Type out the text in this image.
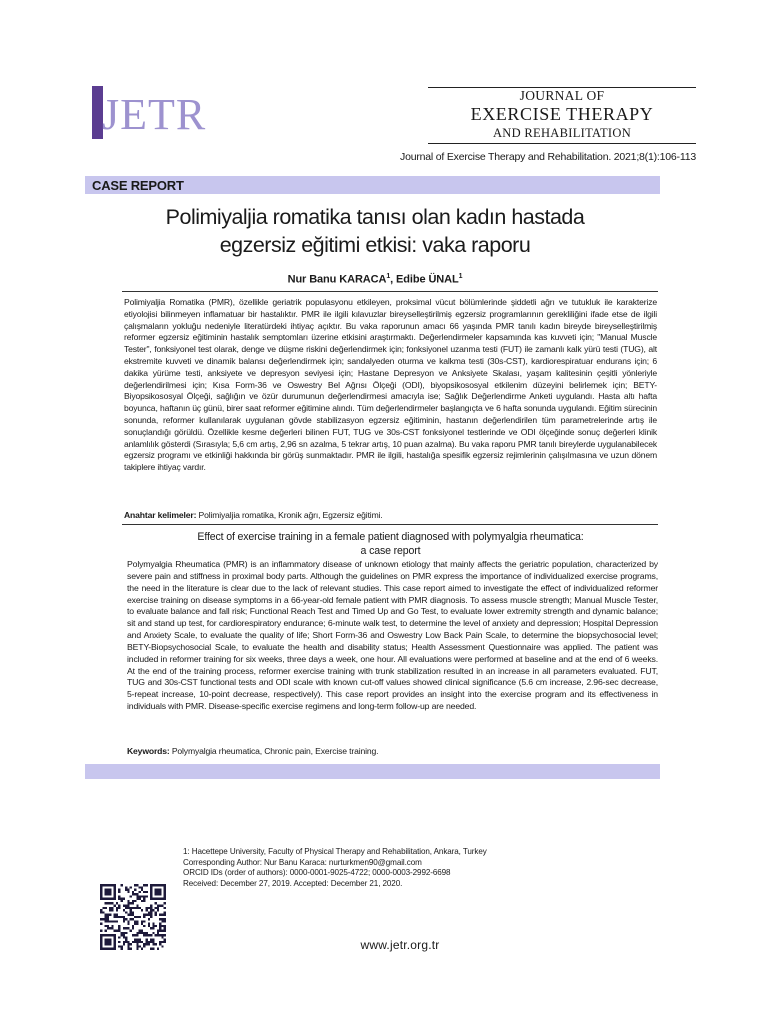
JETR	JOURNAL OF
EXERCISE THERAPY
AND REHABILITATION
Journal of Exercise Therapy and Rehabilitation. 2021;8(1):106-113
CASE REPORT
Polimiyaljia romatika tanısı olan kadın hastada
egzersiz eğitimi etkisi: vaka raporu
Nur Banu KARACA$^1$, Edibe ÜNAL$^1$
Polimiyaljia Romatika (PMR), özellikle geriatrik populasyonu etkileyen, proksimal vücut bölümlerinde şiddetli ağrı ve tutukluk ile karakterize etiyolojisi bilinmeyen inflamatuar bir hastalıktır. PMR ile ilgili kılavuzlar bireyselleştirilmiş egzersiz programlarının gerekliliğini ifade etse de ilgili çalışmaların yokluğu nedeniyle literatürdeki ihtiyaç açıktır. Bu vaka raporunun amacı 66 yaşında PMR tanılı kadın bireyde bireyselleştirilmiş reformer egzersiz eğitiminin hastalık semptomları üzerine etkisini araştırmaktı. Değerlendirmeler kapsamında kas kuvveti için; "Manual Muscle Tester", fonksiyonel test olarak, denge ve düşme riskini değerlendirmek için; fonksiyonel uzanma testi (FUT) ile zamanlı kalk yürü testi (TUG), alt ekstremite kuvveti ve dinamik balansı değerlendirmek için; sandalyeden oturma ve kalkma testi (30s-CST), kardiorespiratuar endurans için; 6 dakika yürüme testi, anksiyete ve depresyon seviyesi için; Hastane Depresyon ve Anksiyete Skalası, yaşam kalitesinin çeşitli yönleriyle değerlendirilmesi için; Kısa Form-36 ve Oswestry Bel Ağrısı Ölçeği (ODI), biyopsikososyal etkilenim düzeyini belirlemek için; BETY-Biyopsikososyal Ölçeği, sağlığın ve özür durumunun değerlendirmesi amacıyla ise; Sağlık Değerlendirme Anketi uygulandı. Hasta altı hafta boyunca, haftanın üç günü, birer saat reformer eğitimine alındı. Tüm değerlendirmeler başlangıçta ve 6 hafta sonunda uygulandı. Eğitim sürecinin sonunda, reformer kullanılarak uygulanan gövde stabilizasyon egzersiz eğitiminin, hastanın değerlendirilen tüm parametrelerinde artış ile sonuçlandığı görüldü. Özellikle kesme değerleri bilinen FUT, TUG ve 30s-CST fonksiyonel testlerinde ve ODI ölçeğinde sonuç değerleri klinik anlamlılık gösterdi (Sırasıyla; 5,6 cm artış, 2,96 sn azalma, 5 tekrar artış, 10 puan azalma). Bu vaka raporu PMR tanılı bireylerde uygulanabilecek egzersiz programı ve etkinliği hakkında bir görüş sunmaktadır. PMR ile ilgili, hastalığa spesifik egzersiz rejimlerinin çalışılmasına ve uzun dönem takiplere ihtiyaç vardır.
Anahtar kelimeler: Polimiyaljia romatika, Kronik ağrı, Egzersiz eğitimi.
Effect of exercise training in a female patient diagnosed with polymyalgia rheumatica:
a case report
Polymyalgia Rheumatica (PMR) is an inflammatory disease of unknown etiology that mainly affects the geriatric population, characterized by severe pain and stiffness in proximal body parts. Although the guidelines on PMR express the importance of individualized exercise programs, the need in the literature is clear due to the lack of relevant studies. This case report aimed to investigate the effect of individualized reformer exercise training on disease symptoms in a 66-year-old female patient with PMR diagnosis. To assess muscle strength; Manual Muscle Tester, to evaluate balance and fall risk; Functional Reach Test and Timed Up and Go Test, to evaluate lower extremity strength and dynamic balance; sit and stand up test, for cardiorespiratory endurance; 6-minute walk test, to determine the level of anxiety and depression; Hospital Depression and Anxiety Scale, to evaluate the quality of life; Short Form-36 and Oswestry Low Back Pain Scale, to determine the biopsychosocial level; BETY-Biopsychosocial Scale, to evaluate the health and disability status; Health Assessment Questionnaire was applied. The patient was included in reformer training for six weeks, three days a week, one hour. All evaluations were performed at baseline and at the end of 6 weeks. At the end of the training process, reformer exercise training with trunk stabilization resulted in an increase in all parameters evaluated. FUT, TUG and 30s-CST functional tests and ODI scale with known cut-off values showed clinical significance (5.6 cm increase, 2.96-sec decrease, 5-repeat increase, 10-point decrease, respectively). This case report provides an insight into the exercise program and its effectiveness in individuals with PMR. Disease-specific exercise regimens and long-term follow-up are needed.
Keywords: Polymyalgia rheumatica, Chronic pain, Exercise training.
1: Hacettepe University, Faculty of Physical Therapy and Rehabilitation, Ankara, Turkey
Corresponding Author: Nur Banu Karaca: nurturkmen90@gmail.com
ORCID IDs (order of authors): 0000-0001-9025-4722; 0000-0003-2992-6698
Received: December 27, 2019. Accepted: December 21, 2020.
www.jetr.org.tr
